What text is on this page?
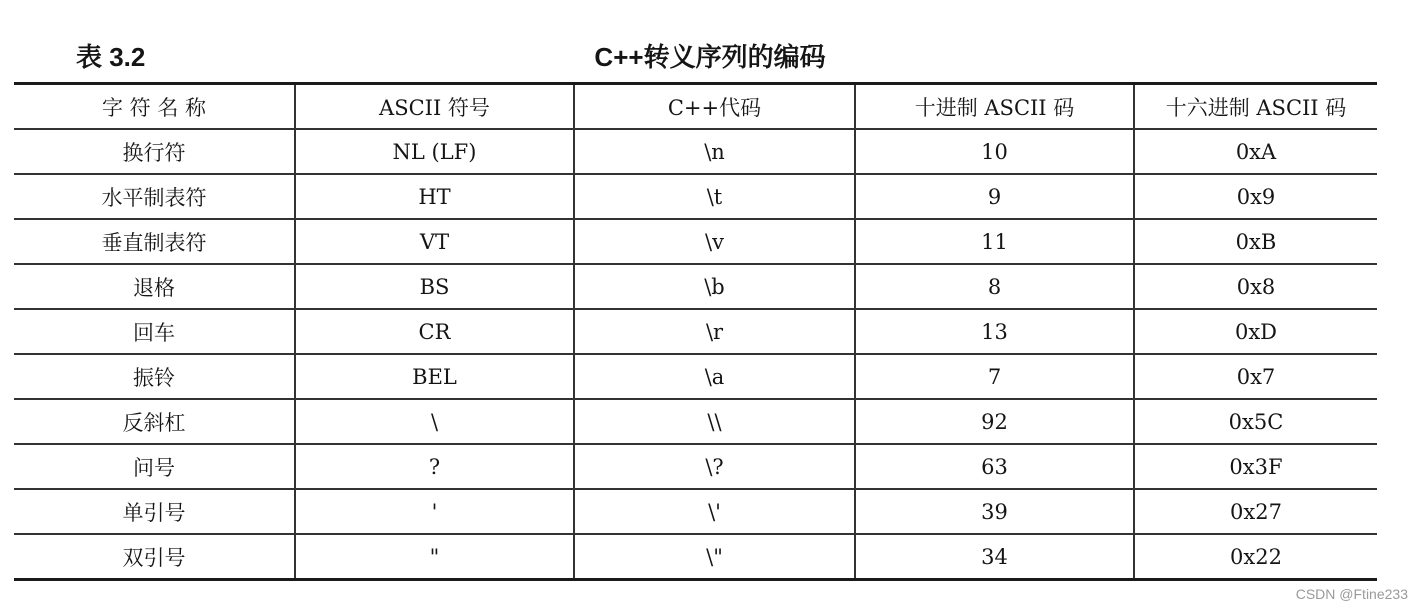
表 3.2	C++转义序列的编码
字 符 名 称	ASCII 符号	C++代码	十进制 ASCII 码	十六进制 ASCII 码
换行符	NL (LF)	\n	10	0xA
水平制表符	HT	\t	9	0x9
垂直制表符	VT	\v	11	0xB
退格	BS	\b	8	0x8
回车	CR	\r	13	0xD
振铃	BEL	\a	7	0x7
反斜杠	\	\\	92	0x5C
问号	?	\?	63	0x3F
单引号	'	\'	39	0x27
双引号	"	\"	34	0x22
CSDN @Ftine233
